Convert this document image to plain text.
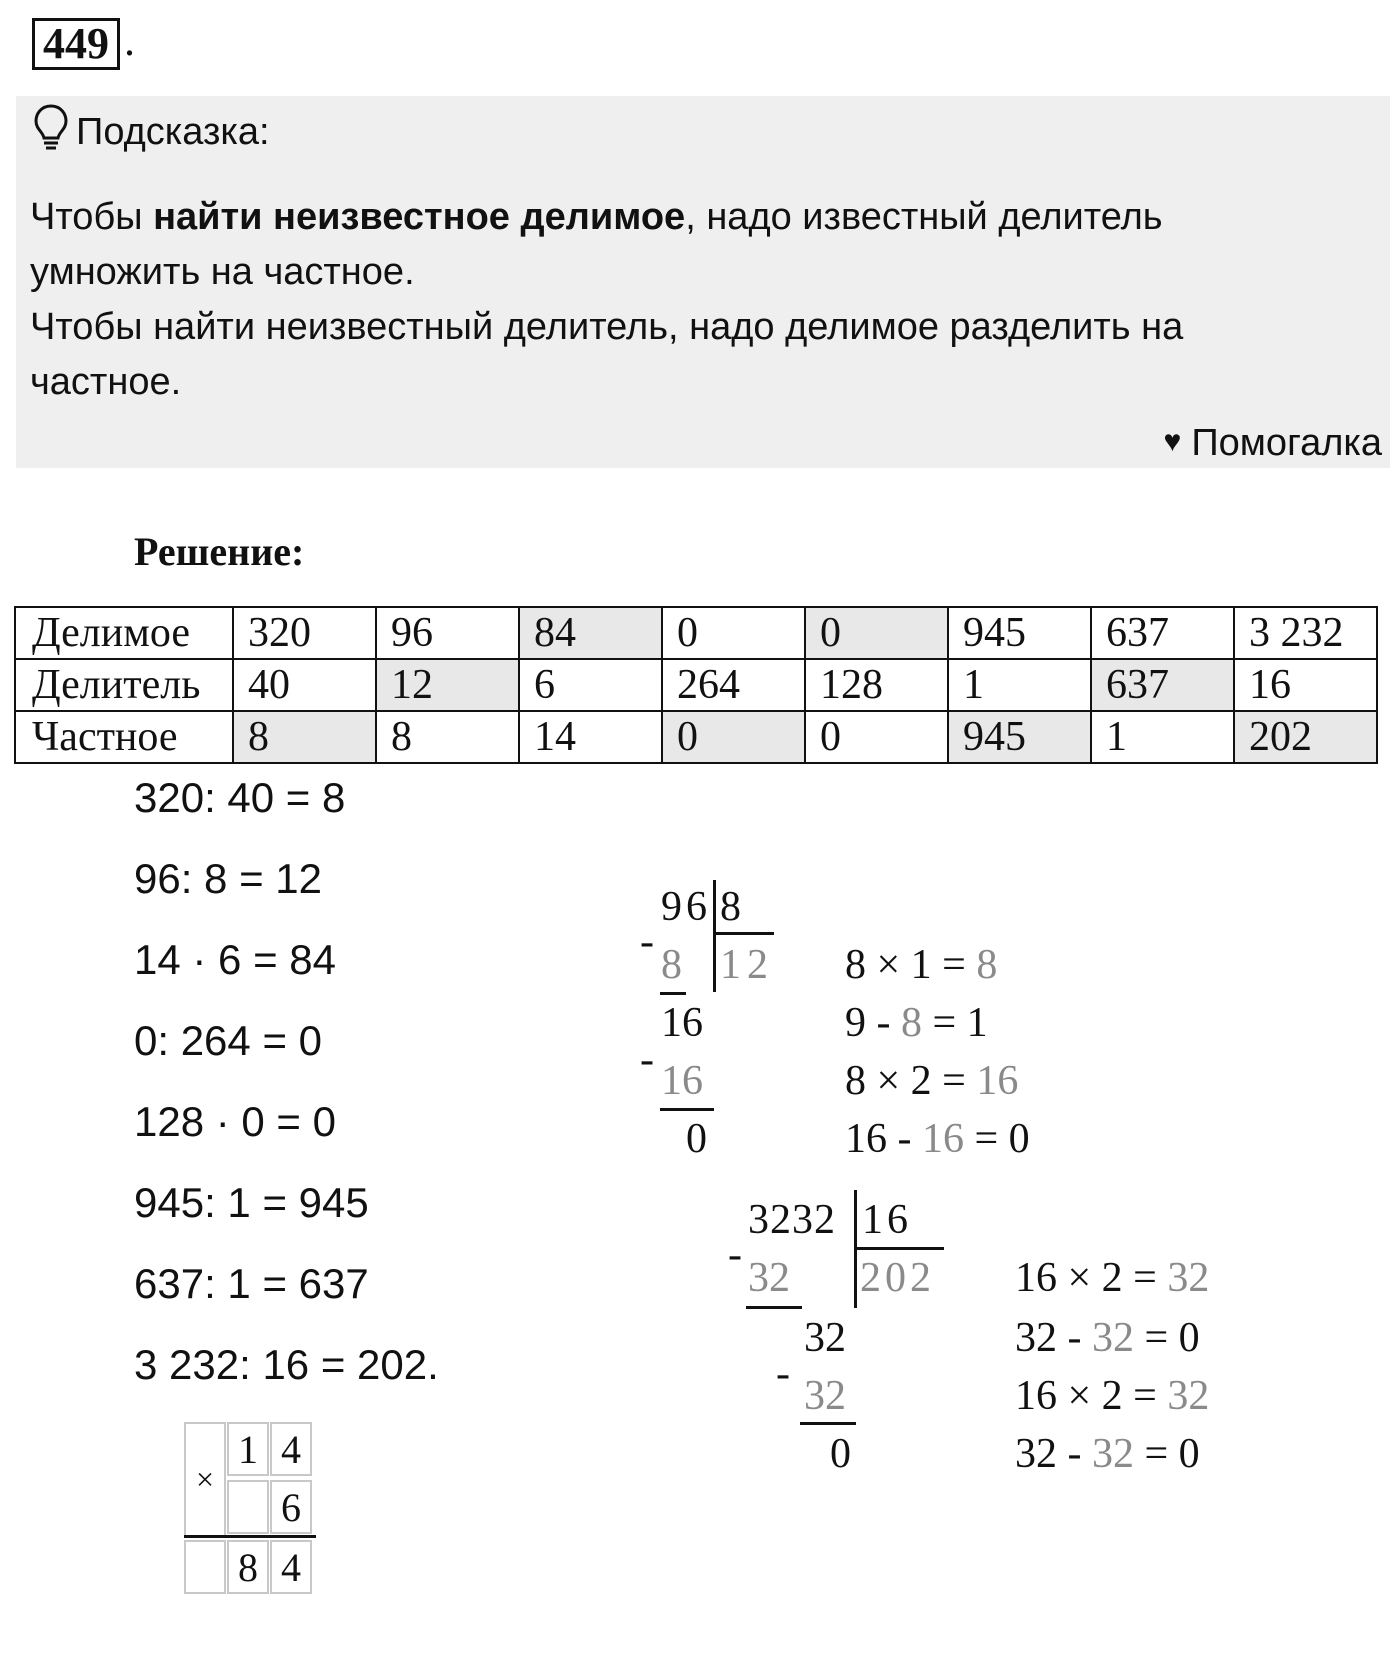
449 .
Подсказка:
Чтобы найти неизвестное делимое, надо известный делитель
умножить на частное.
Чтобы найти неизвестный делитель, надо делимое разделить на
частное.
♥ Помогалка
Решение:
Делимое	320	96	84	0	0	945	637	3 232
Делитель	40	12	6	264	128	1	637	16
Частное	8	8	14	0	0	945	1	202
320: 40 = 8
96: 8 = 12
14 · 6 = 84
0: 264 = 0
128 · 0 = 0
945: 1 = 945
637: 1 = 637
3 232: 16 = 202.
96 8
- 8 12
16
- 16
0
8 × 1 = 8
9 - 8 = 1
8 × 2 = 16
16 - 16 = 0
3232 16
- 32 202
32
- 32
0
16 × 2 = 32
32 - 32 = 0
16 × 2 = 32
32 - 32 = 0
×
1 4
6
8 4
